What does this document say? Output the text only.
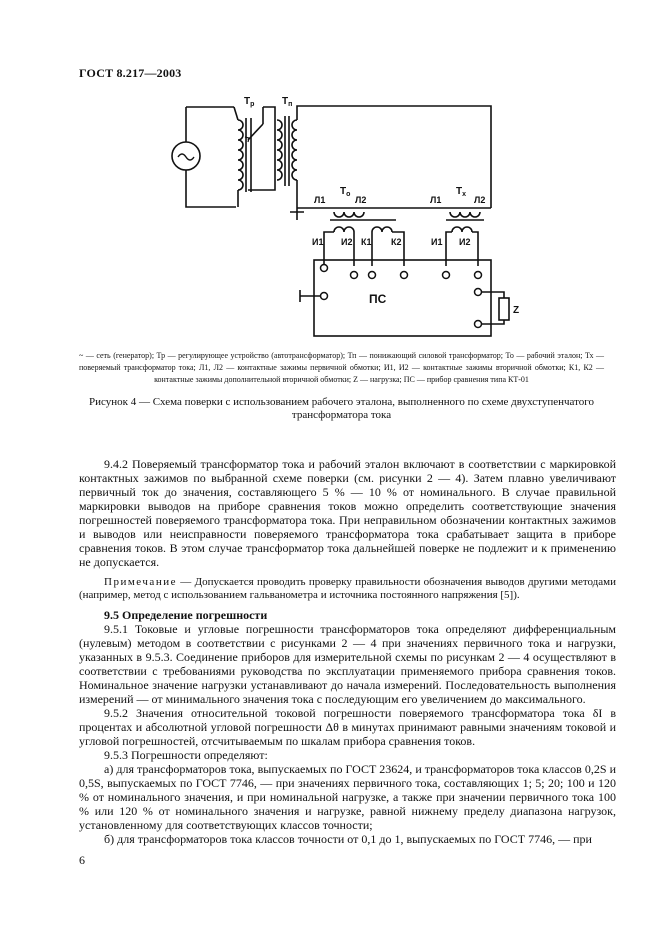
ГОСТ 8.217—2003
$Т_р$	$Т_п$
$Т_о$	$Т_х$
Л1	Л2	Л1	Л2
И1 И2 К1 К2	И1 И2
ПС
Z
~ — сеть (генератор); Тр — регулирующее устройство (автотрансформатор); Тп — понижающий силовой трансформатор; То — рабочий эталон; Тх — поверяемый трансформатор тока; Л1, Л2 — контактные зажимы первичной обмотки; И1, И2 — контактные зажимы вторичной обмотки; К1, К2 — контактные зажимы дополнительной вторичной обмотки; Z — нагрузка; ПС — прибор сравнения типа КТ-01
Рисунок 4 — Схема поверки с использованием рабочего эталона, выполненного по схеме двухступенчатого трансформатора тока
9.4.2 Поверяемый трансформатор тока и рабочий эталон включают в соответствии с маркировкой контактных зажимов по выбранной схеме поверки (см. рисунки 2 — 4). Затем плавно увеличивают первичный ток до значения, составляющего 5 % — 10 % от номинального. В случае правильной маркировки выводов на приборе сравнения токов можно определить соответствующие значения погрешностей поверяемого трансформатора тока. При неправильном обозначении контактных зажимов и выводов или неисправности поверяемого трансформатора тока срабатывает защита в приборе сравнения токов. В этом случае трансформатор тока дальнейшей поверке не подлежит и к применению не допускается.
Примечание — Допускается проводить проверку правильности обозначения выводов другими методами (например, метод с использованием гальванометра и источника постоянного напряжения [5]).
9.5 Определение погрешности
9.5.1 Токовые и угловые погрешности трансформаторов тока определяют дифференциальным (нулевым) методом в соответствии с рисунками 2 — 4 при значениях первичного тока и нагрузки, указанных в 9.5.3. Соединение приборов для измерительной схемы по рисункам 2 — 4 осуществляют в соответствии с требованиями руководства по эксплуатации применяемого прибора сравнения токов. Номинальное значение нагрузки устанавливают до начала измерений. Последовательность выполнения измерений — от минимального значения тока с последующим его увеличением до максимального.
9.5.2 Значения относительной токовой погрешности поверяемого трансформатора тока δI в процентах и абсолютной угловой погрешности Δθ в минутах принимают равными значениям токовой и угловой погрешностей, отсчитываемым по шкалам прибора сравнения токов.
9.5.3 Погрешности определяют:
а) для трансформаторов тока, выпускаемых по ГОСТ 23624, и трансформаторов тока классов 0,2S и 0,5S, выпускаемых по ГОСТ 7746, — при значениях первичного тока, составляющих 1; 5; 20; 100 и 120 % от номинального значения, и при номинальной нагрузке, а также при значении первичного тока 100 % или 120 % от номинального значения и нагрузке, равной нижнему пределу диапазона нагрузок, установленному для соответствующих классов точности;
б) для трансформаторов тока классов точности от 0,1 до 1, выпускаемых по ГОСТ 7746, — при
6
